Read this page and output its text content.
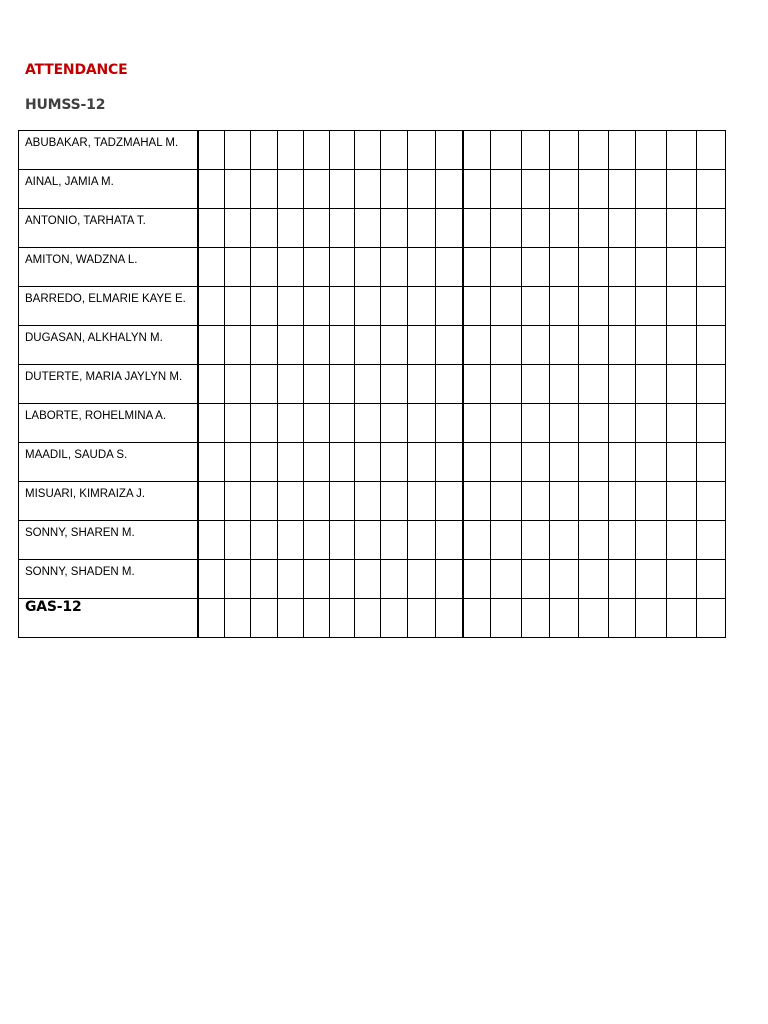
ATTENDANCE
HUMSS-12
ABUBAKAR, TADZMAHAL M.																			
AINAL, JAMIA M.																			
ANTONIO, TARHATA T.																			
AMITON, WADZNA L.																			
BARREDO, ELMARIE KAYE E.																			
DUGASAN, ALKHALYN M.																			
DUTERTE, MARIA JAYLYN M.																			
LABORTE, ROHELMINA A.																			
MAADIL, SAUDA S.																			
MISUARI, KIMRAIZA J.																			
SONNY, SHAREN M.																			
SONNY, SHADEN M.																			

GAS-12
